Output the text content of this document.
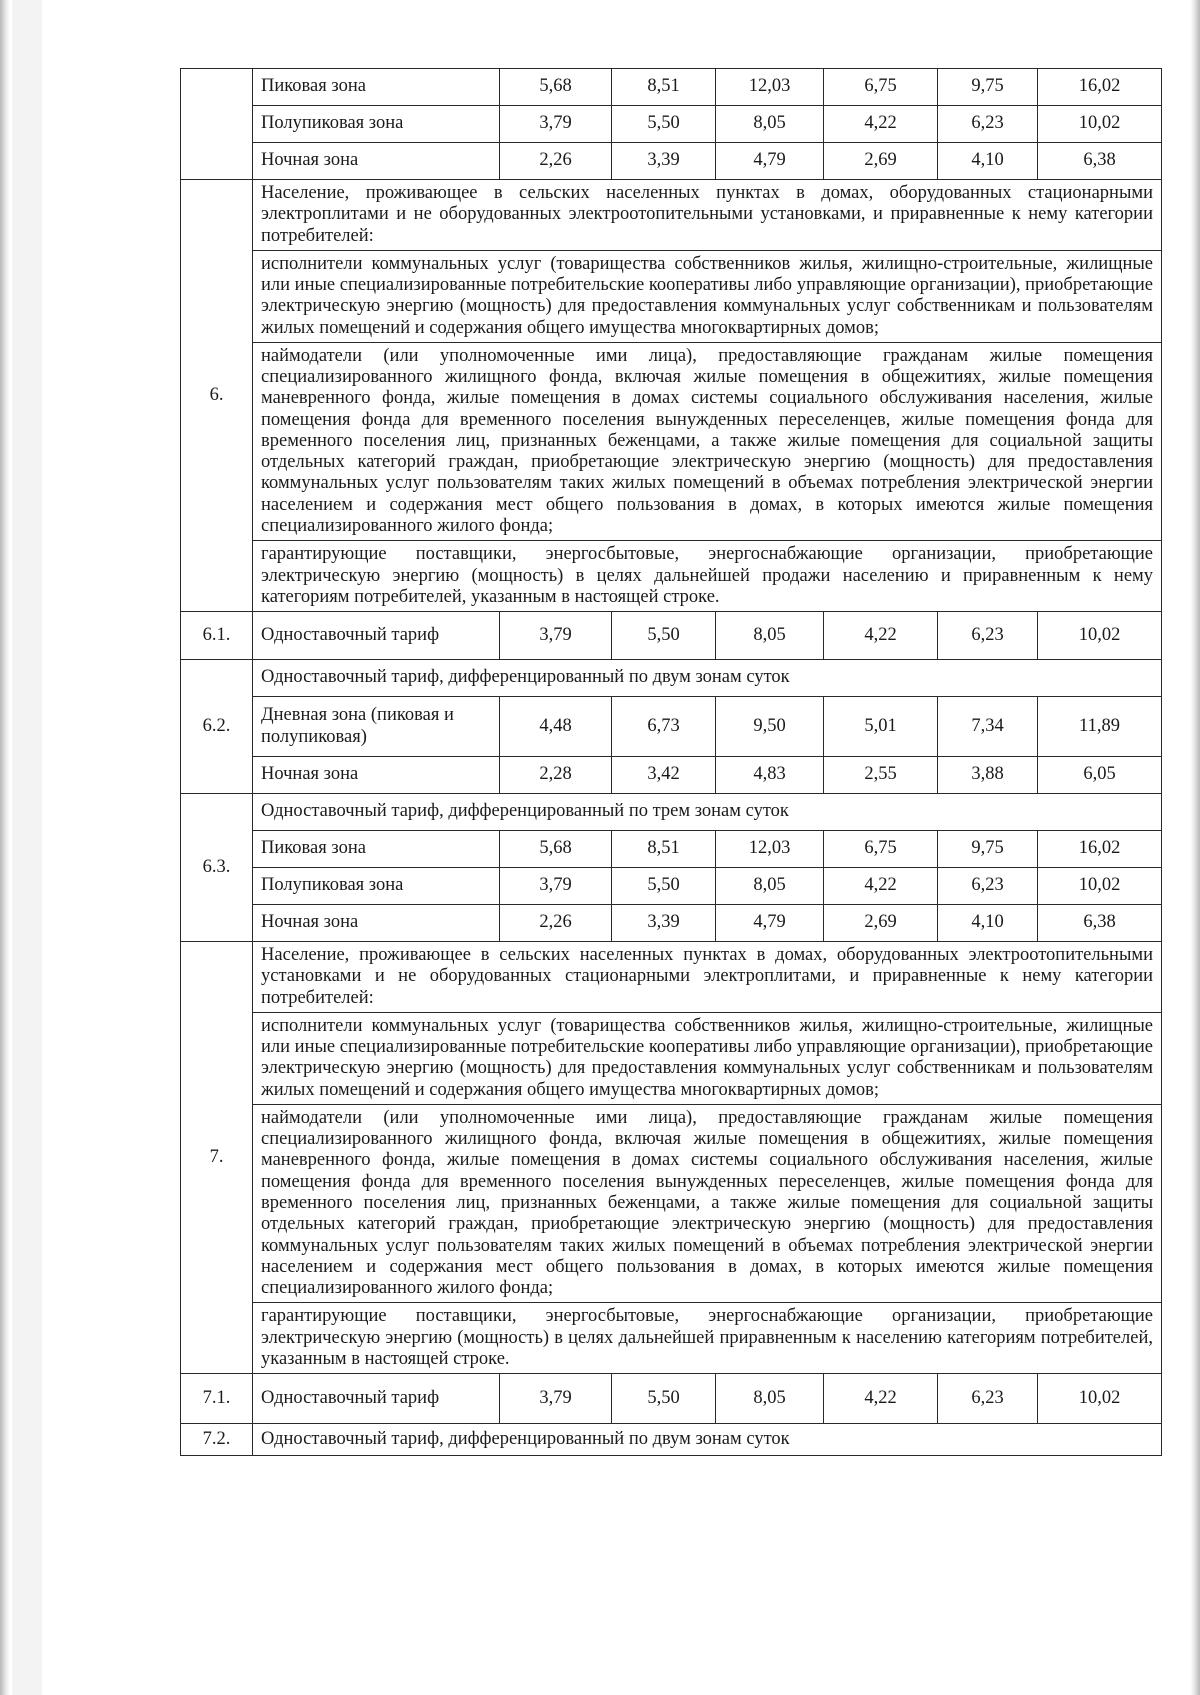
	Пиковая зона	5,68	8,51	12,03	6,75	9,75	16,02
	Полупиковая зона	3,79	5,50	8,05	4,22	6,23	10,02
	Ночная зона	2,26	3,39	4,79	2,69	4,10	6,38
6.	Население, проживающее в сельских населенных пунктах в домах, оборудованных стационарными электроплитами и не оборудованных электроотопительными установками, и приравненные к нему категории потребителей:						
	исполнители коммунальных услуг (товарищества собственников жилья, жилищно-строительные, жилищные или иные специализированные потребительские кооперативы либо управляющие организации), приобретающие электрическую энергию (мощность) для предоставления коммунальных услуг собственникам и пользователям жилых помещений и содержания общего имущества многоквартирных домов;						
	наймодатели (или уполномоченные ими лица), предоставляющие гражданам жилые помещения специализированного жилищного фонда, включая жилые помещения в общежитиях, жилые помещения маневренного фонда, жилые помещения в домах системы социального обслуживания населения, жилые помещения фонда для временного поселения вынужденных переселенцев, жилые помещения фонда для временного поселения лиц, признанных беженцами, а также жилые помещения для социальной защиты отдельных категорий граждан, приобретающие электрическую энергию (мощность) для предоставления коммунальных услуг пользователям таких жилых помещений в объемах потребления электрической энергии населением и содержания мест общего пользования в домах, в которых имеются жилые помещения специализированного жилого фонда;						
	гарантирующие поставщики, энергосбытовые, энергоснабжающие организации, приобретающие электрическую энергию (мощность) в целях дальнейшей продажи населению и приравненным к нему категориям потребителей, указанным в настоящей строке.						
6.1.	Одноставочный тариф	3,79	5,50	8,05	4,22	6,23	10,02
6.2.	Одноставочный тариф, дифференцированный по двум зонам суток						
	Дневная зона (пиковая и полупиковая)	4,48	6,73	9,50	5,01	7,34	11,89
	Ночная зона	2,28	3,42	4,83	2,55	3,88	6,05
6.3.	Одноставочный тариф, дифференцированный по трем зонам суток						
	Пиковая зона	5,68	8,51	12,03	6,75	9,75	16,02
	Полупиковая зона	3,79	5,50	8,05	4,22	6,23	10,02
	Ночная зона	2,26	3,39	4,79	2,69	4,10	6,38
7.	Население, проживающее в сельских населенных пунктах в домах, оборудованных электроотопительными установками и не оборудованных стационарными электроплитами, и приравненные к нему категории потребителей:						
	исполнители коммунальных услуг (товарищества собственников жилья, жилищно-строительные, жилищные или иные специализированные потребительские кооперативы либо управляющие организации), приобретающие электрическую энергию (мощность) для предоставления коммунальных услуг собственникам и пользователям жилых помещений и содержания общего имущества многоквартирных домов;						
	наймодатели (или уполномоченные ими лица), предоставляющие гражданам жилые помещения специализированного жилищного фонда, включая жилые помещения в общежитиях, жилые помещения маневренного фонда, жилые помещения в домах системы социального обслуживания населения, жилые помещения фонда для временного поселения вынужденных переселенцев, жилые помещения фонда для временного поселения лиц, признанных беженцами, а также жилые помещения для социальной защиты отдельных категорий граждан, приобретающие электрическую энергию (мощность) для предоставления коммунальных услуг пользователям таких жилых помещений в объемах потребления электрической энергии населением и содержания мест общего пользования в домах, в которых имеются жилые помещения специализированного жилого фонда;						
	гарантирующие поставщики, энергосбытовые, энергоснабжающие организации, приобретающие электрическую энергию (мощность) в целях дальнейшей приравненным к населению категориям потребителей, указанным в настоящей строке.						
7.1.	Одноставочный тариф	3,79	5,50	8,05	4,22	6,23	10,02
7.2.	Одноставочный тариф, дифференцированный по двум зонам суток						
